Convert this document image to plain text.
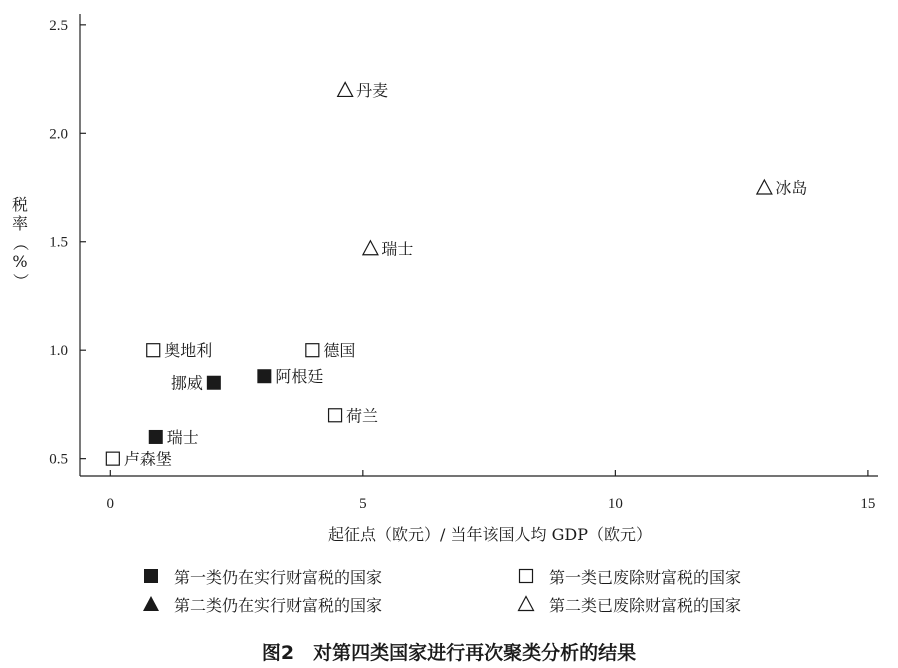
0.5
1.0
1.5
2.0
2.5
0	5	10	15
挪威	阿根廷
瑞士
奥地利	德国
荷兰
卢森堡
丹麦
瑞士
冰岛
起征点（欧元）/ 当年该国人均 GDP（欧元）
税
率
（
%
）
第一类仍在实行财富税的国家	第一类已废除财富税的国家
第二类仍在实行财富税的国家	第二类已废除财富税的国家
图2　对第四类国家进行再次聚类分析的结果
